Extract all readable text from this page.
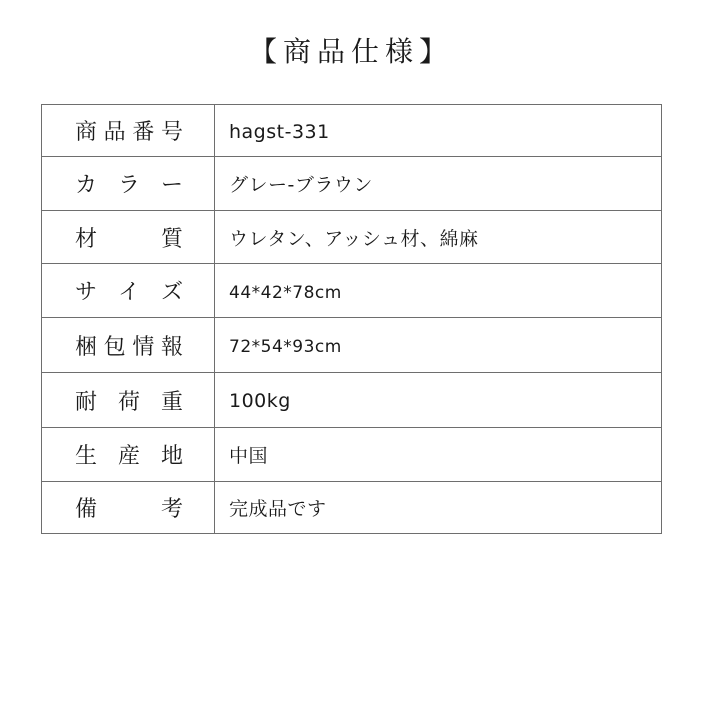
【商品仕様】
商 品 番 号	hagst-331

カ ラ ー	グレー-ブラウン

材 質	ウレタン、アッシュ材、綿麻

サ イ ズ	44*42*78cm

梱 包 情 報	72*54*93cm

耐 荷 重	100kg

生 産 地	中国

備 考	完成品です
